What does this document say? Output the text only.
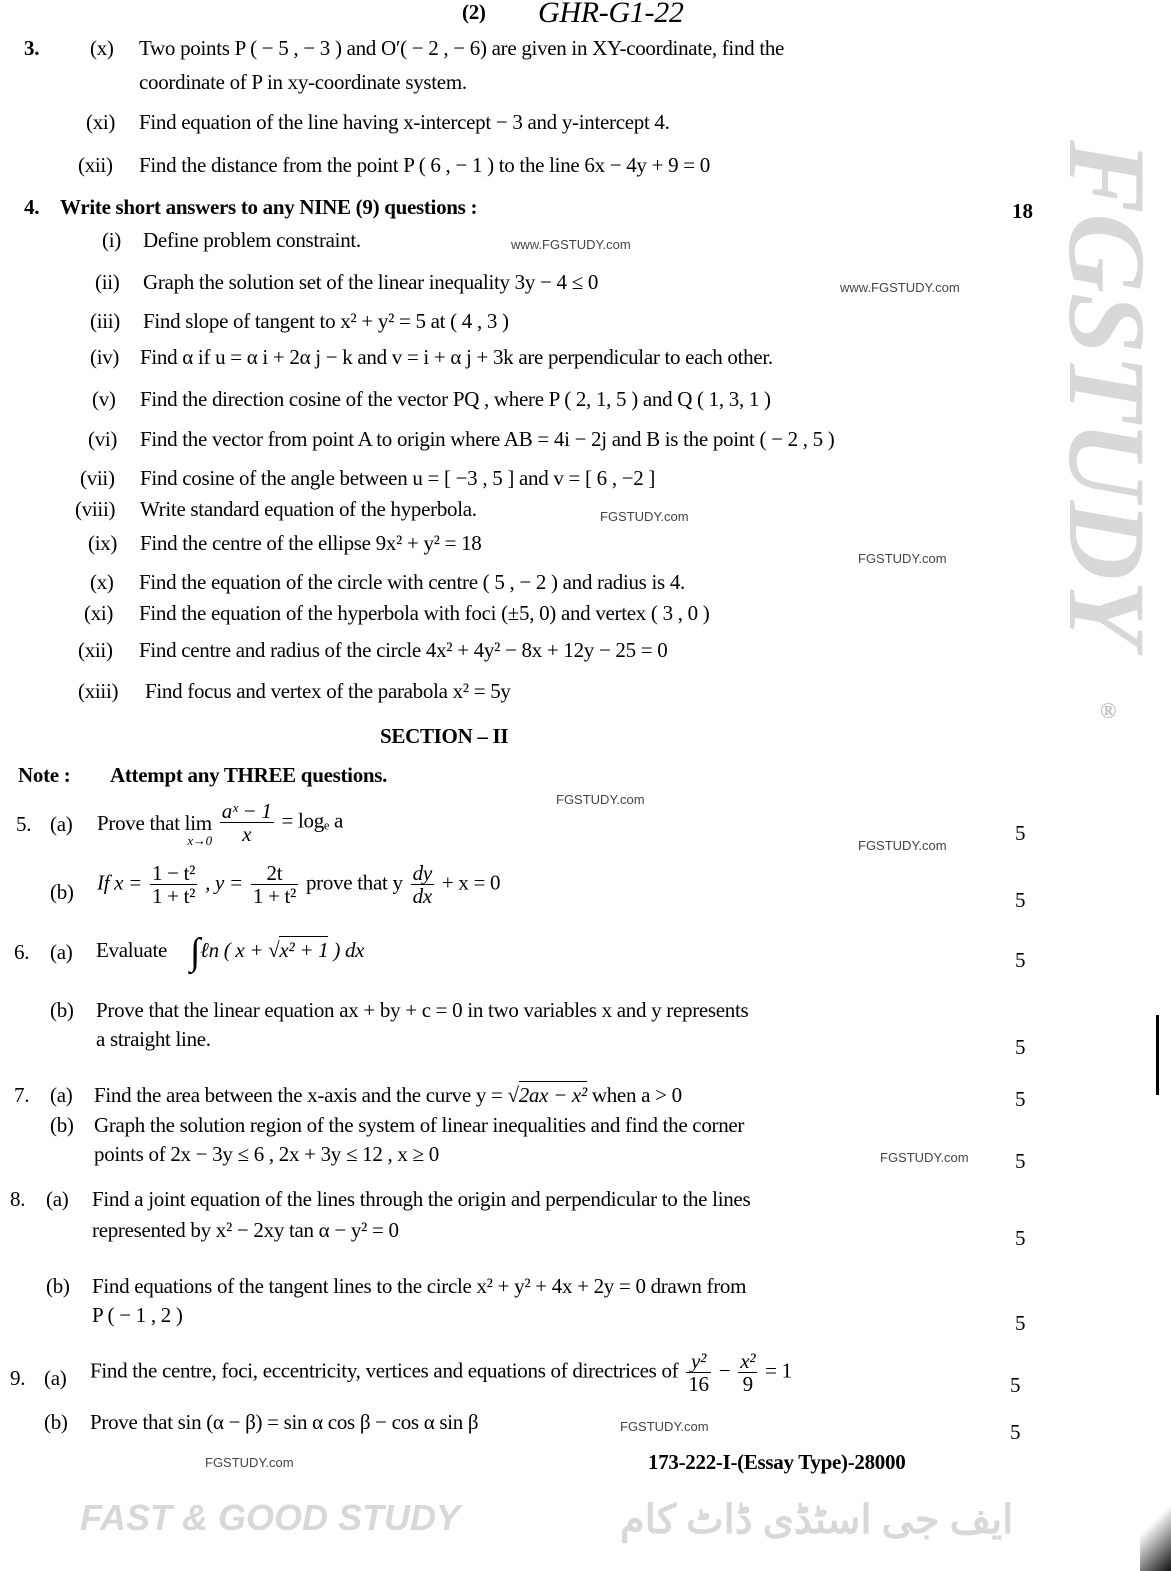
FGSTUDY
®
FAST & GOOD STUDY	ایف جی اسٹڈی ڈاٹ کام
(2) GHR-G1-22
3. (x) Two points P ( − 5 , − 3 ) and O′( − 2 , − 6) are given in XY-coordinate, find the
coordinate of P in xy-coordinate system.
(xi) Find equation of the line having x-intercept − 3 and y-intercept 4.
(xii) Find the distance from the point P ( 6 , − 1 ) to the line 6x − 4y + 9 = 0
4. Write short answers to any NINE (9) questions :	18
(i) Define problem constraint.
(ii) Graph the solution set of the linear inequality 3y − 4 ≤ 0
(iii) Find slope of tangent to x² + y² = 5 at ( 4 , 3 )
(iv) Find α if u = α i + 2α j − k and v = i + α j + 3k are perpendicular to each other.
(v) Find the direction cosine of the vector PQ , where P ( 2, 1, 5 ) and Q ( 1, 3, 1 )
(vi) Find the vector from point A to origin where AB = 4i − 2j and B is the point ( − 2 , 5 )
(vii) Find cosine of the angle between u = [ −3 , 5 ] and v = [ 6 , −2 ]
(viii) Write standard equation of the hyperbola.
(ix) Find the centre of the ellipse 9x² + y² = 18
(x) Find the equation of the circle with centre ( 5 , − 2 ) and radius is 4.
(xi) Find the equation of the hyperbola with foci (±5, 0) and vertex ( 3 , 0 )
(xii) Find centre and radius of the circle 4x² + 4y² − 8x + 12y − 25 = 0
(xiii) Find focus and vertex of the parabola x² = 5y
SECTION – II
Note : Attempt any THREE questions.
5. (a) Prove that lim
x→0
$\frac{\text{aˣ − 1}}{x} = \log_e$ a
5
(b) If $x = \frac{\text{1 − t²}}{\text{1 + t²}}$ , $y = \frac{2t}{\text{1 + t²}}$ prove that y $\frac{dy}{dx} + x = 0$
5
6. (a) Evaluate ∫ℓn ( x + √x² + 1 ) dx	5
(b) Prove that the linear equation ax + by + c = 0 in two variables x and y represents
a straight line.	5
7. (a) Find the area between the x-axis and the curve y = √2ax − x² when a > 0	5
(b) Graph the solution region of the system of linear inequalities and find the corner
points of 2x − 3y ≤ 6 , 2x + 3y ≤ 12 , x ≥ 0	5
8. (a) Find a joint equation of the lines through the origin and perpendicular to the lines
represented by x² − 2xy tan α − y² = 0	5
(b) Find equations of the tangent lines to the circle x² + y² + 4x + 2y = 0 drawn from
P ( − 1 , 2 )	5
9. (a) Find the centre, foci, eccentricity, vertices and equations of directrices of $\frac{\text{y²}}{16} - \frac{\text{x²}}{9} = 1$
5
(b) Prove that sin (α − β) = sin α cos β − cos α sin β	5
173-222-I-(Essay Type)-28000
www.FGSTUDY.com
www.FGSTUDY.com
FGSTUDY.com
FGSTUDY.com
FGSTUDY.com
FGSTUDY.com
FGSTUDY.com
FGSTUDY.com
FGSTUDY.com
